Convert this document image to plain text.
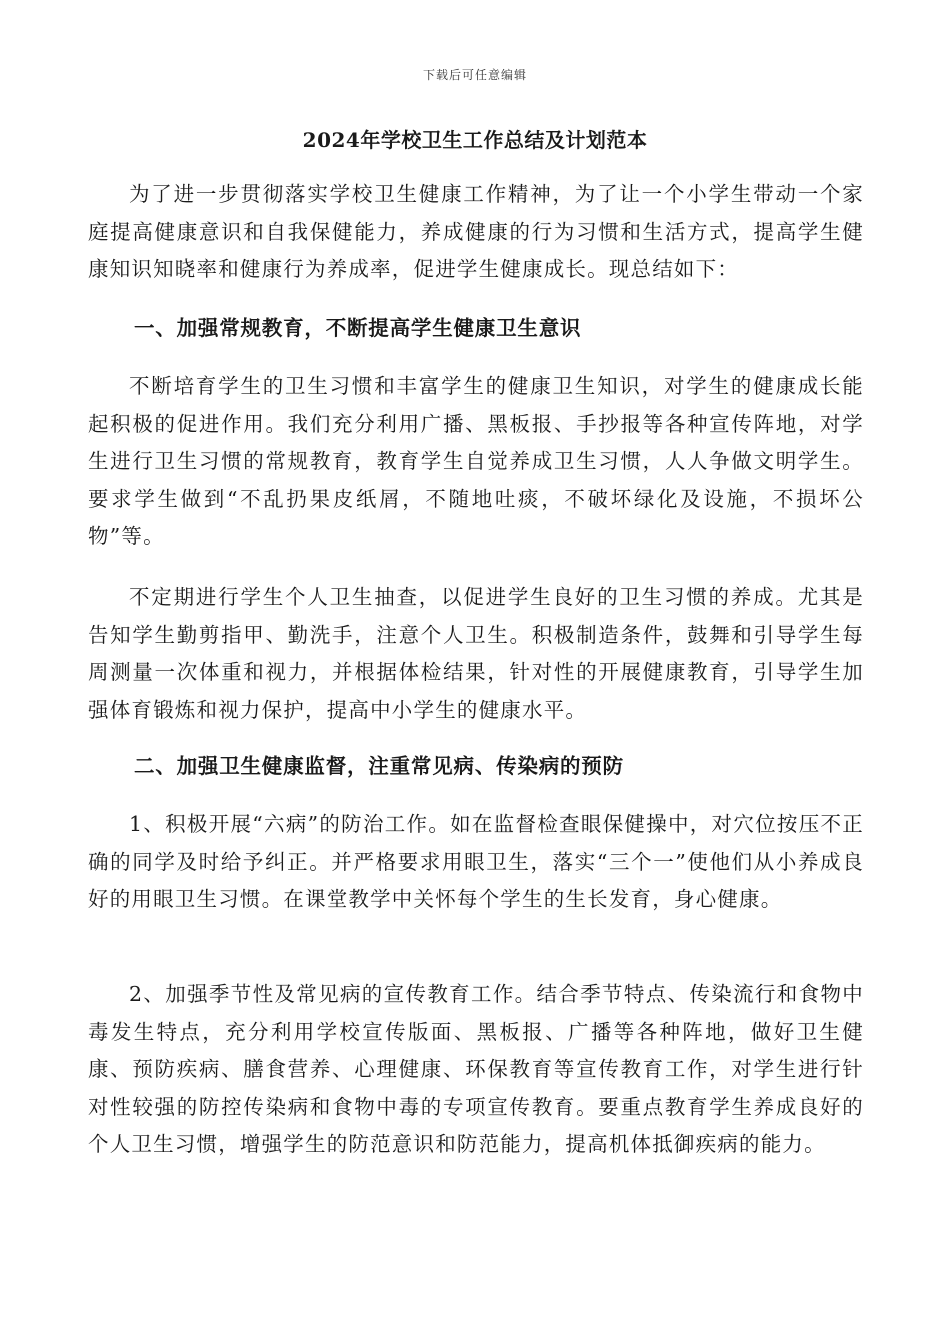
下载后可任意编辑
2024年学校卫生工作总结及计划范本

为了进一步贯彻落实学校卫生健康工作精神，为了让一个小学生带动一个家庭提高健康意识和自我保健能力，养成健康的行为习惯和生活方式，提高学生健康知识知晓率和健康行为养成率，促进学生健康成长。现总结如下：

一、加强常规教育，不断提高学生健康卫生意识

不断培育学生的卫生习惯和丰富学生的健康卫生知识，对学生的健康成长能起积极的促进作用。我们充分利用广播、黑板报、手抄报等各种宣传阵地，对学生进行卫生习惯的常规教育，教育学生自觉养成卫生习惯，人人争做文明学生。要求学生做到“不乱扔果皮纸屑，不随地吐痰，不破坏绿化及设施，不损坏公物”等。

不定期进行学生个人卫生抽查，以促进学生良好的卫生习惯的养成。尤其是告知学生勤剪指甲、勤洗手，注意个人卫生。积极制造条件，鼓舞和引导学生每周测量一次体重和视力，并根据体检结果，针对性的开展健康教育，引导学生加强体育锻炼和视力保护，提高中小学生的健康水平。

二、加强卫生健康监督，注重常见病、传染病的预防

1、积极开展“六病”的防治工作。如在监督检查眼保健操中，对穴位按压不正确的同学及时给予纠正。并严格要求用眼卫生，落实“三个一”使他们从小养成良好的用眼卫生习惯。在课堂教学中关怀每个学生的生长发育，身心健康。

2、加强季节性及常见病的宣传教育工作。结合季节特点、传染流行和食物中毒发生特点，充分利用学校宣传版面、黑板报、广播等各种阵地，做好卫生健康、预防疾病、膳食营养、心理健康、环保教育等宣传教育工作，对学生进行针对性较强的防控传染病和食物中毒的专项宣传教育。要重点教育学生养成良好的个人卫生习惯，增强学生的防范意识和防范能力，提高机体抵御疾病的能力。
